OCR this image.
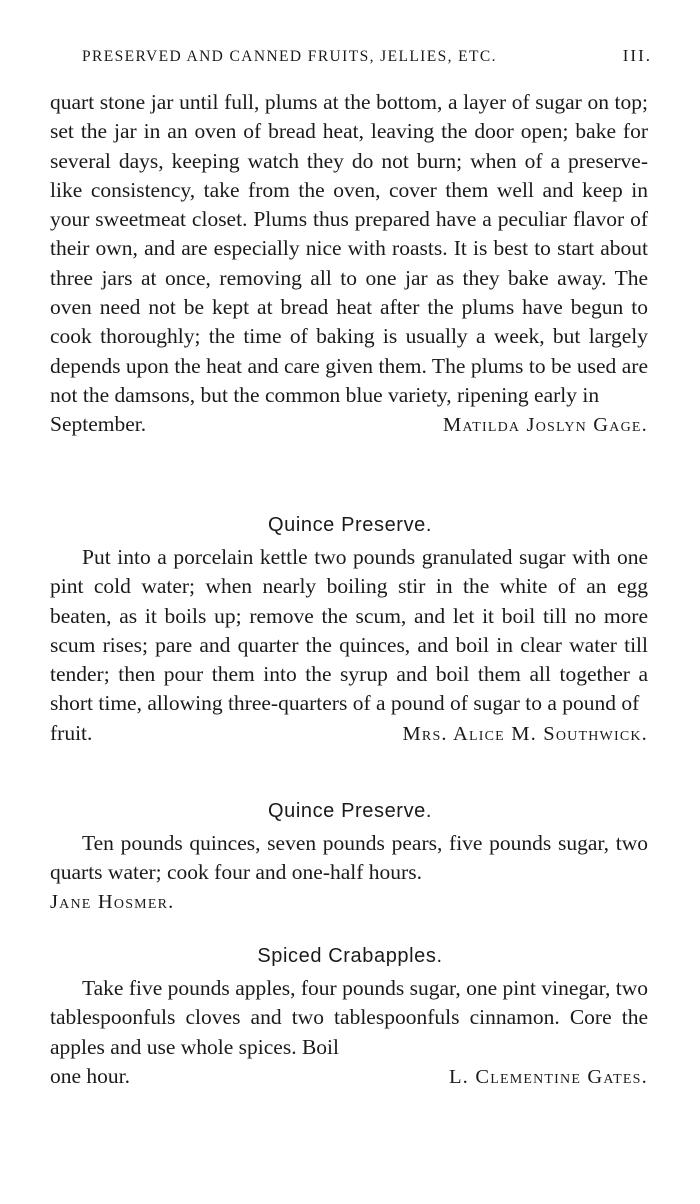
PRESERVED AND CANNED FRUITS, JELLIES, ETC.	III.

quart stone jar until full, plums at the bottom, a layer of sugar on top; set the jar in an oven of bread heat, leaving the door open; bake for several days, keeping watch they do not burn; when of a preserve-like consistency, take from the oven, cover them well and keep in your sweetmeat closet. Plums thus prepared have a peculiar flavor of their own, and are especially nice with roasts. It is best to start about three jars at once, removing all to one jar as they bake away. The oven need not be kept at bread heat after the plums have begun to cook thoroughly; the time of baking is usually a week, but largely depends upon the heat and care given them. The plums to be used are not the damsons, but the common blue variety, ripening early in

September.	Matilda Joslyn Gage.
Quince Preserve.

Put into a porcelain kettle two pounds granulated sugar with one pint cold water; when nearly boiling stir in the white of an egg beaten, as it boils up; remove the scum, and let it boil till no more scum rises; pare and quarter the quinces, and boil in clear water till tender; then pour them into the syrup and boil them all together a short time, allowing three-quarters of a pound of sugar to a pound of

fruit.	Mrs. Alice M. Southwick.
Quince Preserve.

Ten pounds quinces, seven pounds pears, five pounds sugar, two quarts water; cook four and one-half hours.

Jane Hosmer.
Spiced Crabapples.

Take five pounds apples, four pounds sugar, one pint vinegar, two tablespoonfuls cloves and two tablespoonfuls cinnamon. Core the apples and use whole spices. Boil

one hour.	L. Clementine Gates.
